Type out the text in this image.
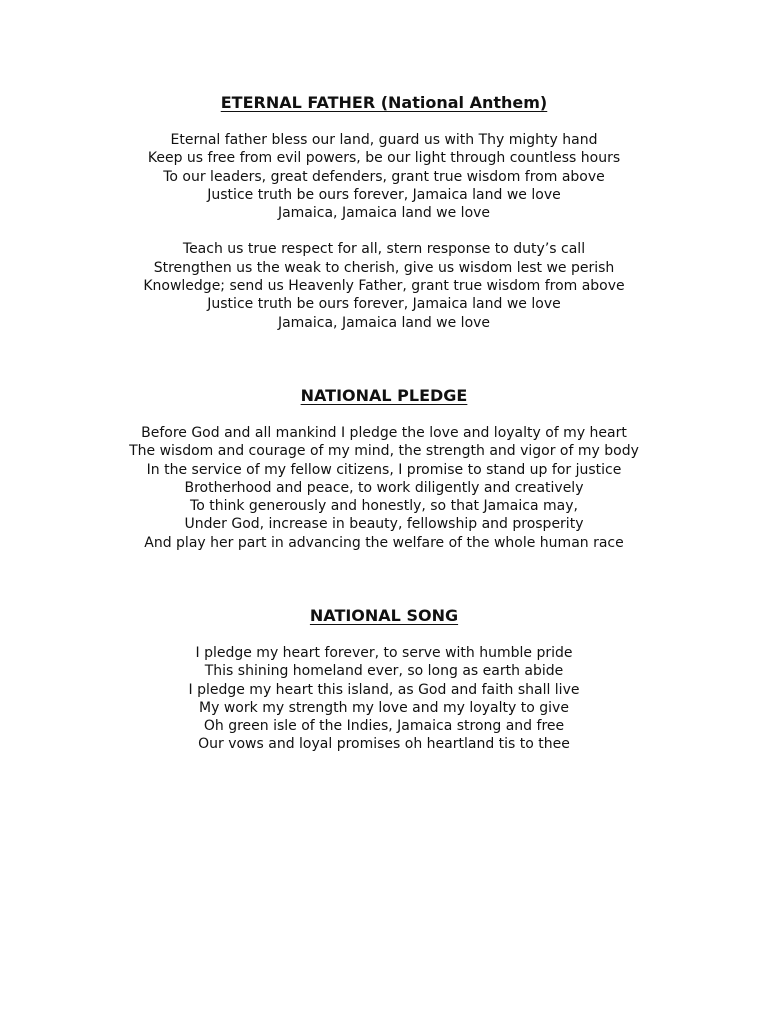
ETERNAL FATHER (National Anthem)
Eternal father bless our land, guard us with Thy mighty hand
Keep us free from evil powers, be our light through countless hours
To our leaders, great defenders, grant true wisdom from above
Justice truth be ours forever, Jamaica land we love
Jamaica, Jamaica land we love
Teach us true respect for all, stern response to duty’s call
Strengthen us the weak to cherish, give us wisdom lest we perish
Knowledge; send us Heavenly Father, grant true wisdom from above
Justice truth be ours forever, Jamaica land we love
Jamaica, Jamaica land we love
NATIONAL PLEDGE
Before God and all mankind I pledge the love and loyalty of my heart
The wisdom and courage of my mind, the strength and vigor of my body
In the service of my fellow citizens, I promise to stand up for justice
Brotherhood and peace, to work diligently and creatively
To think generously and honestly, so that Jamaica may,
Under God, increase in beauty, fellowship and prosperity
And play her part in advancing the welfare of the whole human race
NATIONAL SONG
I pledge my heart forever, to serve with humble pride
This shining homeland ever, so long as earth abide
I pledge my heart this island, as God and faith shall live
My work my strength my love and my loyalty to give
Oh green isle of the Indies, Jamaica strong and free
Our vows and loyal promises oh heartland tis to thee
